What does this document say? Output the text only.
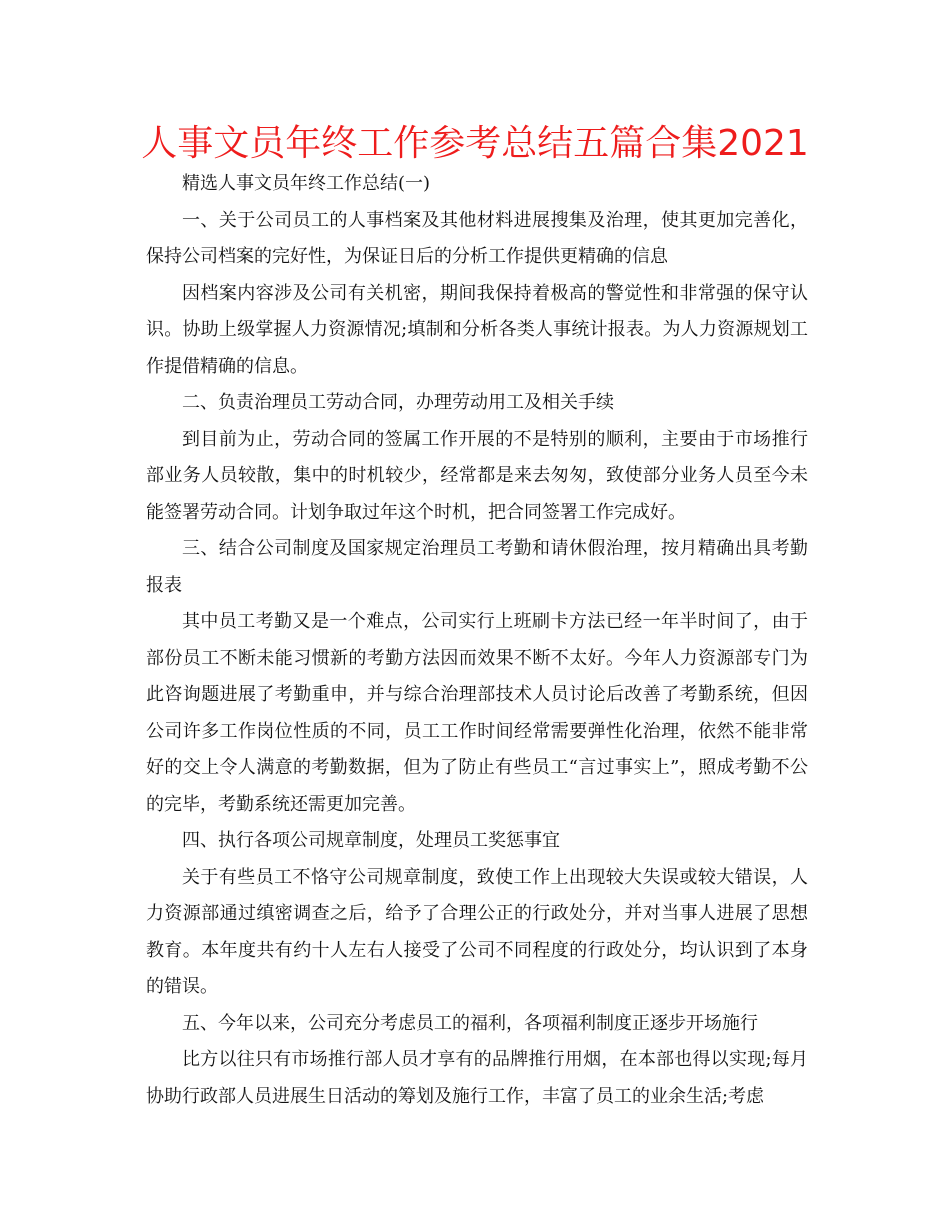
人事文员年终工作参考总结五篇合集2021

精选人事文员年终工作总结(一)

一、关于公司员工的人事档案及其他材料进展搜集及治理，使其更加完善化，保持公司档案的完好性，为保证日后的分析工作提供更精确的信息

因档案内容涉及公司有关机密，期间我保持着极高的警觉性和非常强的保守认识。协助上级掌握人力资源情况;填制和分析各类人事统计报表。为人力资源规划工作提借精确的信息。

二、负责治理员工劳动合同，办理劳动用工及相关手续

到目前为止，劳动合同的签属工作开展的不是特别的顺利，主要由于市场推行部业务人员较散，集中的时机较少，经常都是来去匆匆，致使部分业务人员至今未能签署劳动合同。计划争取过年这个时机，把合同签署工作完成好。

三、结合公司制度及国家规定治理员工考勤和请休假治理，按月精确出具考勤报表

其中员工考勤又是一个难点，公司实行上班刷卡方法已经一年半时间了，由于部份员工不断未能习惯新的考勤方法因而效果不断不太好。今年人力资源部专门为此咨询题进展了考勤重申，并与综合治理部技术人员讨论后改善了考勤系统，但因公司许多工作岗位性质的不同，员工工作时间经常需要弹性化治理，依然不能非常好的交上令人满意的考勤数据，但为了防止有些员工“言过事实上”，照成考勤不公的完毕，考勤系统还需更加完善。

四、执行各项公司规章制度，处理员工奖惩事宜

关于有些员工不恪守公司规章制度，致使工作上出现较大失误或较大错误，人力资源部通过缜密调查之后，给予了合理公正的行政处分，并对当事人进展了思想教育。本年度共有约十人左右人接受了公司不同程度的行政处分，均认识到了本身的错误。

五、今年以来，公司充分考虑员工的福利，各项福利制度正逐步开场施行

比方以往只有市场推行部人员才享有的品牌推行用烟，在本部也得以实现;每月协助行政部人员进展生日活动的筹划及施行工作，丰富了员工的业余生活;考虑
